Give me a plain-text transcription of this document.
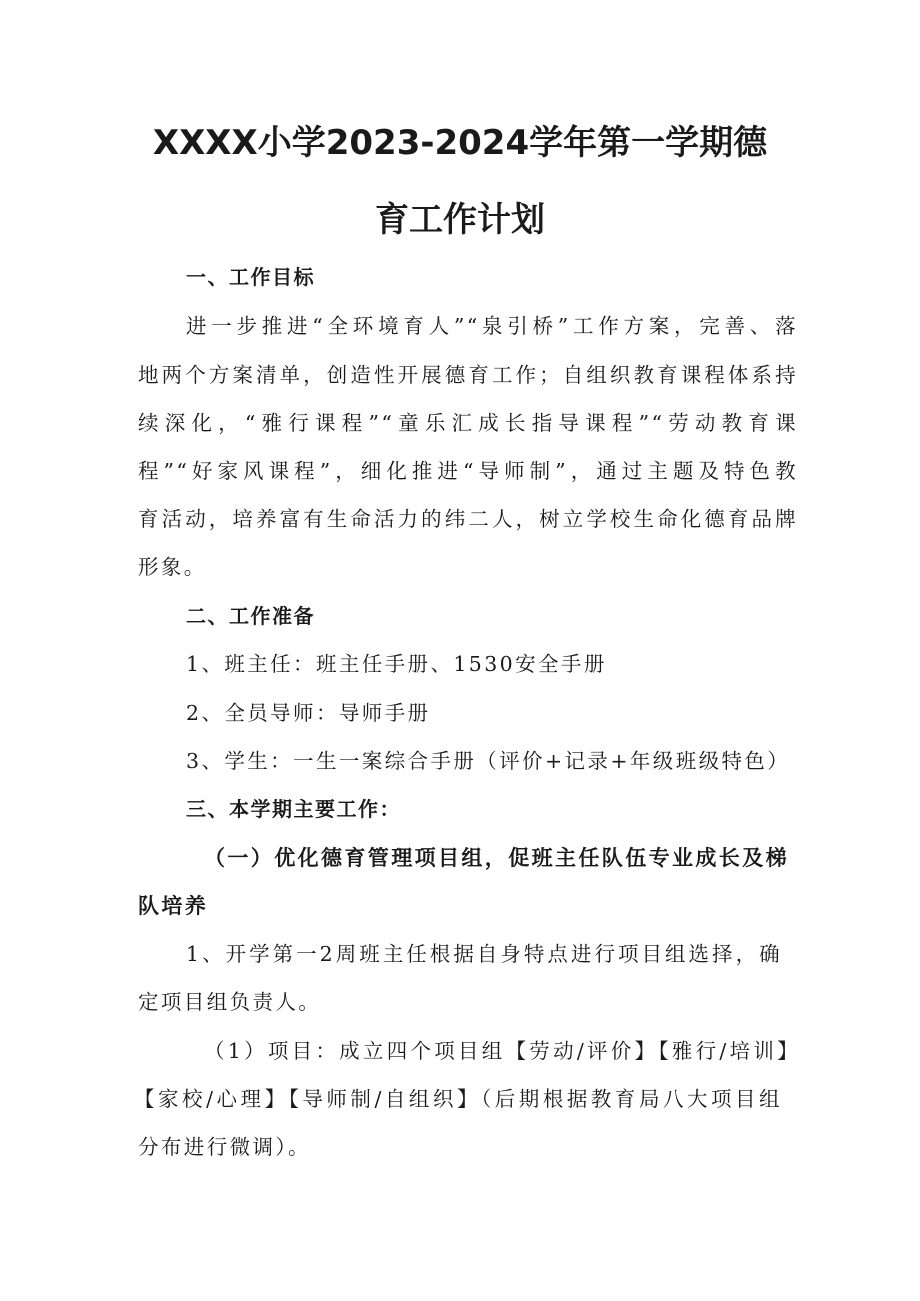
XXXX小学2023-2024学年第一学期德
育工作计划
一、工作目标
进一步推进“全环境育人”“泉引桥”工作方案，完善、落
地两个方案清单，创造性开展德育工作；自组织教育课程体系持
续深化，“雅行课程”“童乐汇成长指导课程”“劳动教育课
程”“好家风课程”，细化推进“导师制”，通过主题及特色教
育活动，培养富有生命活力的纬二人，树立学校生命化德育品牌
形象。
二、工作准备
1、班主任：班主任手册、1530安全手册
2、全员导师：导师手册
3、学生：一生一案综合手册（评价+记录+年级班级特色）
三、本学期主要工作：
（一）优化德育管理项目组，促班主任队伍专业成长及梯
队培养
1、开学第一2周班主任根据自身特点进行项目组选择，确
定项目组负责人。
（1）项目：成立四个项目组【劳动/评价】【雅行/培训】
【家校/心理】【导师制/自组织】（后期根据教育局八大项目组
分布进行微调）。
